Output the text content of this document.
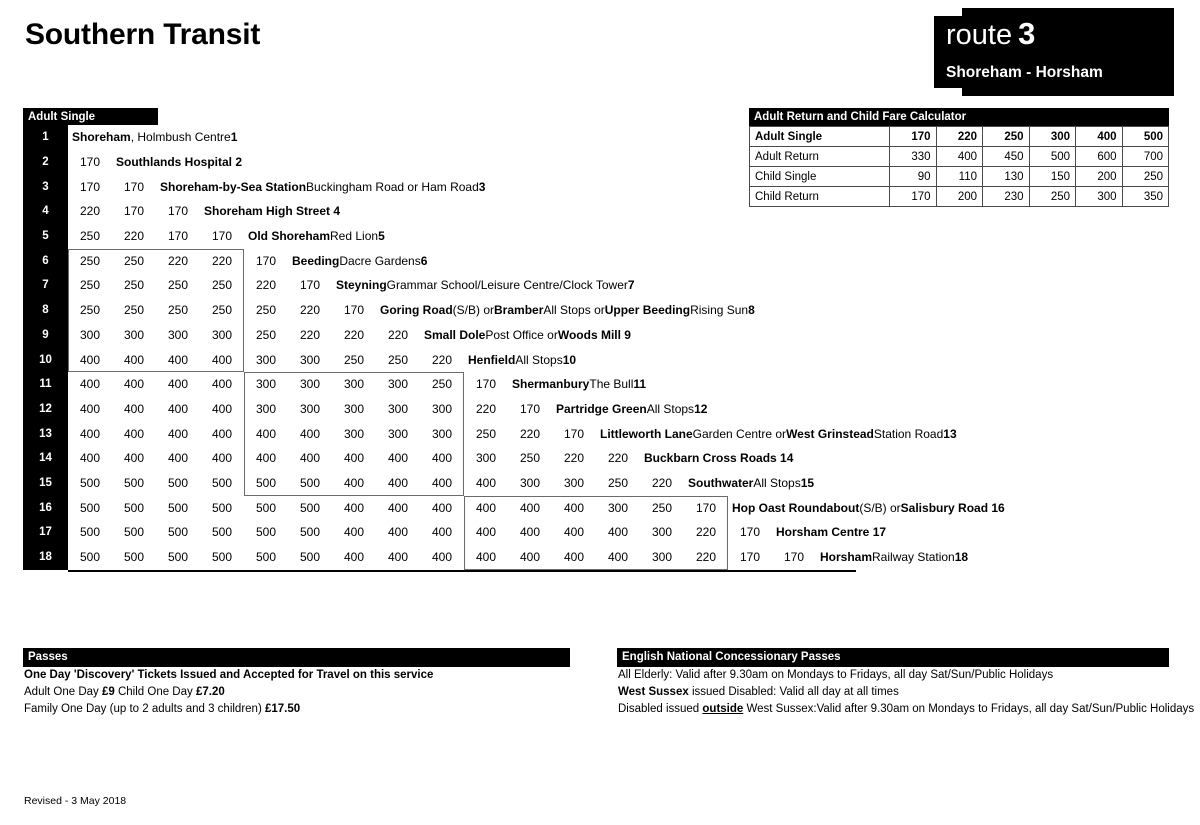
Southern Transit	route 3
Shoreham - Horsham
Adult Single
1	Shoreham , Holmbush Centre 1
2	170	Southlands Hospital 2
3	170	170	Shoreham-by-Sea Station Buckingham Road or Ham Road 3
4	220	170	170	Shoreham High Street 4
5	250	220	170	170	Old Shoreham Red Lion 5
6	250	250	220	220	170	Beeding Dacre Gardens 6
7	250	250	250	250	220	170	Steyning Grammar School/Leisure Centre/Clock Tower 7
8	250	250	250	250	250	220	170	Goring Road (S/B) or Bramber All Stops or Upper Beeding Rising Sun 8
9	300	300	300	300	250	220	220	220	Small Dole Post Office or Woods Mill 9
10	400	400	400	400	300	300	250	250	220	Henfield All Stops 10
11	400	400	400	400	300	300	300	300	250	170	Shermanbury The Bull 11
12	400	400	400	400	300	300	300	300	300	220	170	Partridge Green All Stops 12
13	400	400	400	400	400	400	300	300	300	250	220	170	Littleworth Lane Garden Centre or West Grinstead Station Road 13
14	400	400	400	400	400	400	400	400	400	300	250	220	220	Buckbarn Cross Roads 14
15	500	500	500	500	500	500	400	400	400	400	300	300	250	220	Southwater All Stops 15
16	500	500	500	500	500	500	400	400	400	400	400	400	300	250	170	Hop Oast Roundabout (S/B) or Salisbury Road 16
17	500	500	500	500	500	500	400	400	400	400	400	400	400	300	220	170	Horsham Centre 17
18	500	500	500	500	500	500	400	400	400	400	400	400	400	300	220	170	170	Horsham Railway Station 18
Adult Return and Child Fare Calculator
Adult Single	170	220	250	300	400	500
Adult Return	330	400	450	500	600	700
Child Single	90	110	130	150	200	250
Child Return	170	200	230	250	300	350
Passes
One Day 'Discovery' Tickets Issued and Accepted for Travel on this service
Adult One Day £9 Child One Day £7.20
Family One Day (up to 2 adults and 3 children) £17.50
English National Concessionary Passes
All Elderly: Valid after 9.30am on Mondays to Fridays, all day Sat/Sun/Public Holidays
West Sussex issued Disabled: Valid all day at all times
Disabled issued outside West Sussex:Valid after 9.30am on Mondays to Fridays, all day Sat/Sun/Public Holidays
Revised - 3 May 2018
